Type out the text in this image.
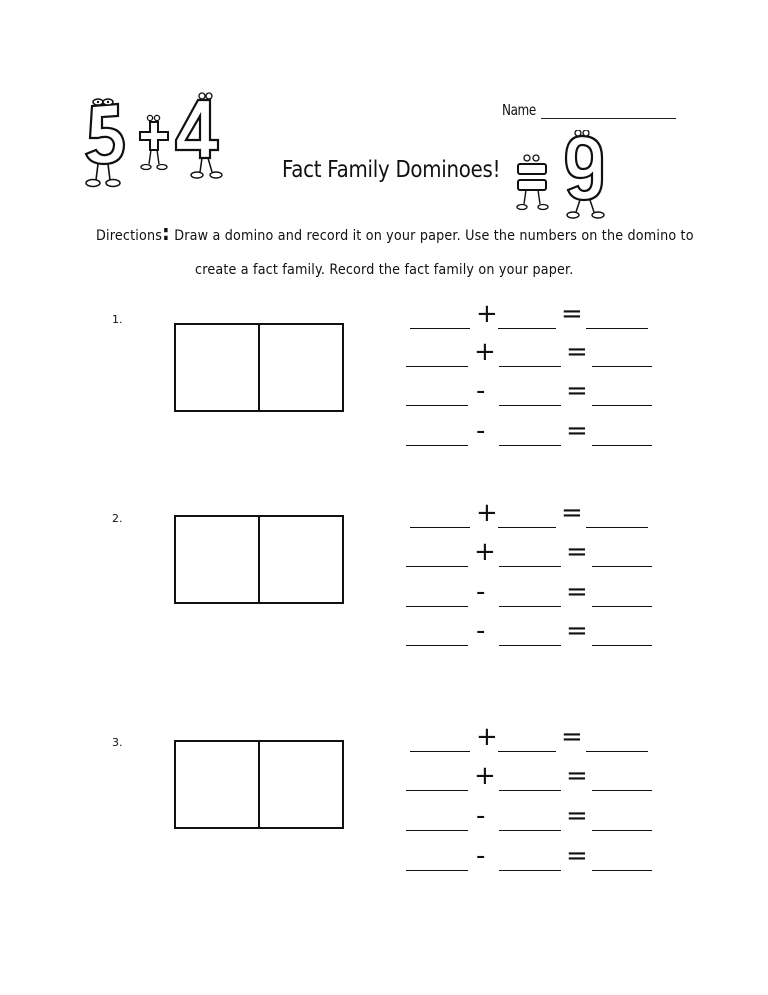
Name
Fact Family Dominoes!
Directions: Draw a domino and record it on your paper. Use the numbers on the domino to
create a fact family. Record the fact family on your paper.
1.
2.
3.
+ =
+	=
-	=
-	=
+ =
+	=
-	=
-	=
+ =
+	=
-	=
-	=
